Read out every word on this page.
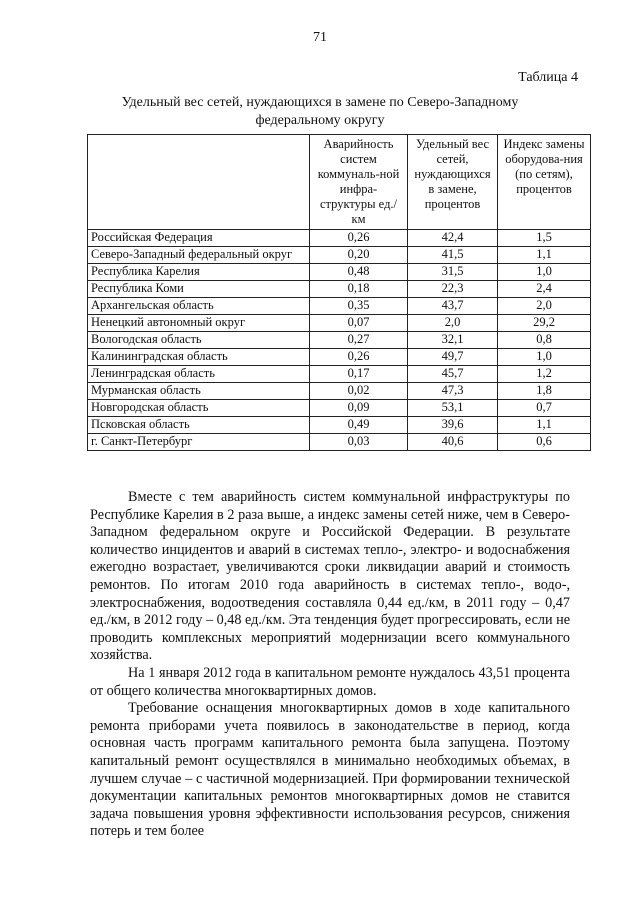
71
Таблица 4
Удельный вес сетей, нуждающихся в замене по Северо-Западному федеральному округу
	Аварийность систем коммуналь-ной инфра-структуры ед./км	Удельный вес сетей, нуждающихся в замене, процентов	Индекс замены оборудова-ния (по сетям), процентов
Российская Федерация	0,26	42,4	1,5
Северо-Западный федеральный округ	0,20	41,5	1,1
Республика Карелия	0,48	31,5	1,0
Республика Коми	0,18	22,3	2,4
Архангельская область	0,35	43,7	2,0
Ненецкий автономный округ	0,07	2,0	29,2
Вологодская область	0,27	32,1	0,8
Калининградская область	0,26	49,7	1,0
Ленинградская область	0,17	45,7	1,2
Мурманская область	0,02	47,3	1,8
Новгородская область	0,09	53,1	0,7
Псковская область	0,49	39,6	1,1
г. Санкт-Петербург	0,03	40,6	0,6

Вместе с тем аварийность систем коммунальной инфраструктуры по Республике Карелия в 2 раза выше, а индекс замены сетей ниже, чем в Северо-Западном федеральном округе и Российской Федерации. В результате количество инцидентов и аварий в системах тепло-, электро- и водоснабжения ежегодно возрастает, увеличиваются сроки ликвидации аварий и стоимость ремонтов. По итогам 2010 года аварийность в системах тепло-, водо-, электроснабжения, водоотведения составляла 0,44 ед./км, в 2011 году – 0,47 ед./км, в 2012 году – 0,48 ед./км. Эта тенденция будет прогрессировать, если не проводить комплексных мероприятий модернизации всего коммунального хозяйства.

На 1 января 2012 года в капитальном ремонте нуждалось 43,51 процента от общего количества многоквартирных домов.

Требование оснащения многоквартирных домов в ходе капитального ремонта приборами учета появилось в законодательстве в период, когда основная часть программ капитального ремонта была запущена. Поэтому капитальный ремонт осуществлялся в минимально необходимых объемах, в лучшем случае – с частичной модернизацией. При формировании технической документации капитальных ремонтов многоквартирных домов не ставится задача повышения уровня эффективности использования ресурсов, снижения потерь и тем более
